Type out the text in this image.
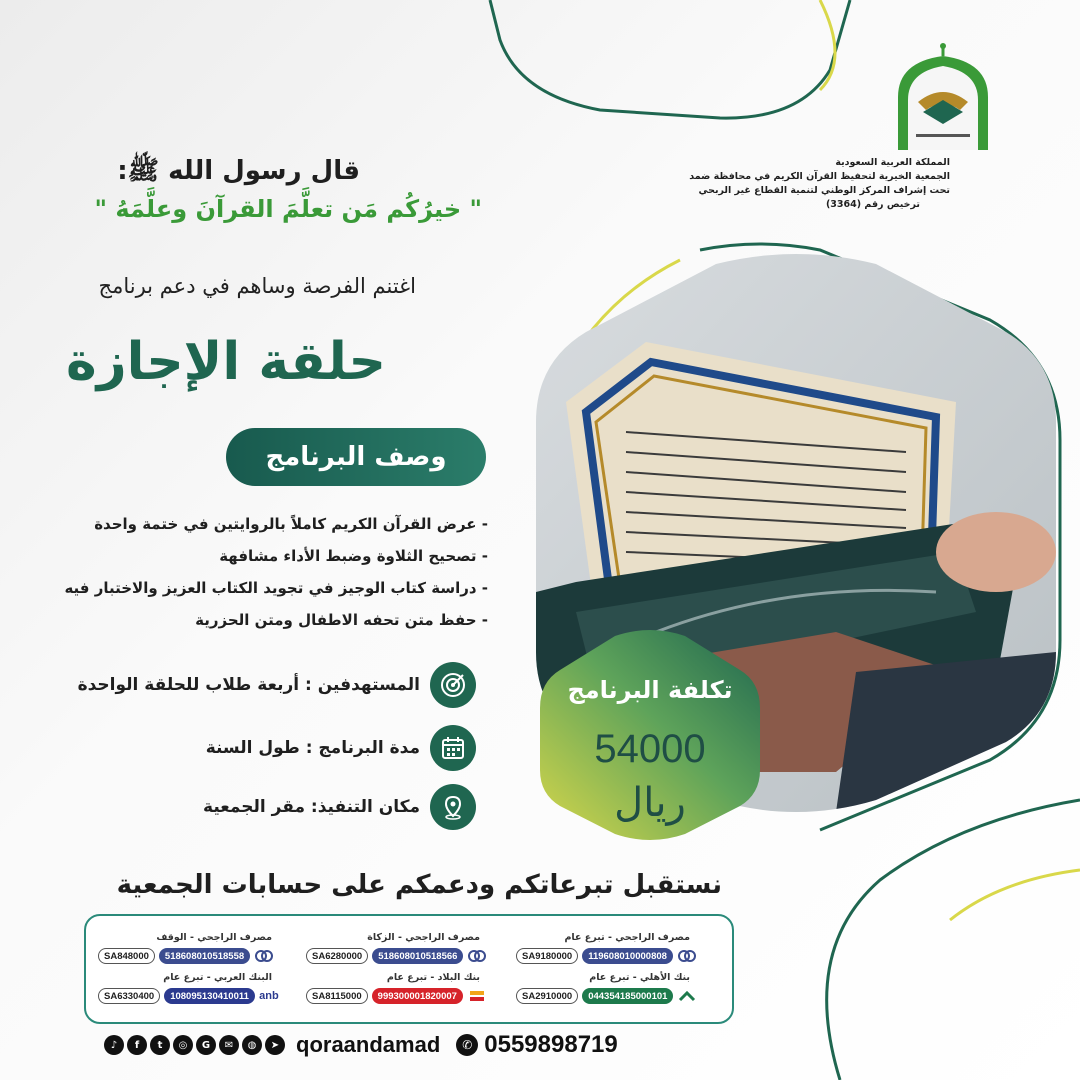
المملكة العربية السعودية
الجمعية الخيرية لتحفيظ القرآن الكريم في محافظة ضمد
تحت إشراف المركز الوطني لتنمية القطاع غير الربحي
ترخيص رقم (3364)
قال رسول الله ﷺ:
" خيرُكُم مَن تعلَّمَ القرآنَ وعلَّمَهُ "
اغتنم الفرصة وساهم في دعم برنامج
حلقة الإجازة
وصف البرنامج
- عرض القرآن الكريم كاملاً بالروايتين في ختمة واحدة
- تصحيح الثلاوة وضبط الأداء مشافهة
- دراسة كتاب الوجيز في تجويد الكتاب العزيز والاختبار فيه
- حفظ متن تحفه الاطفال ومتن الحزرية
المستهدفين : أربعة طلاب للحلقة الواحدة
مدة البرنامج : طول السنة
مكان التنفيذ: مقر الجمعية
تكلفة البرنامج
54000
ريال
نستقبل تبرعاتكم ودعمكم على حسابات الجمعية
مصرف الراجحي - تبرع عام
SA9180000	119608010000808
مصرف الراجحي - الزكاة
SA6280000	518608010518566
مصرف الراجحي - الوقف
SA848000	518608010518558
بنك الأهلي - تبرع عام
SA2910000	044354185000101
بنك البلاد - تبرع عام
SA8115000	999300001820007
البنك العربي - تبرع عام
SA6330400	108095130410011 anb
♪	f	t	◎	G	✉	◍	➤ qoraandamad	✆ 0559898719
